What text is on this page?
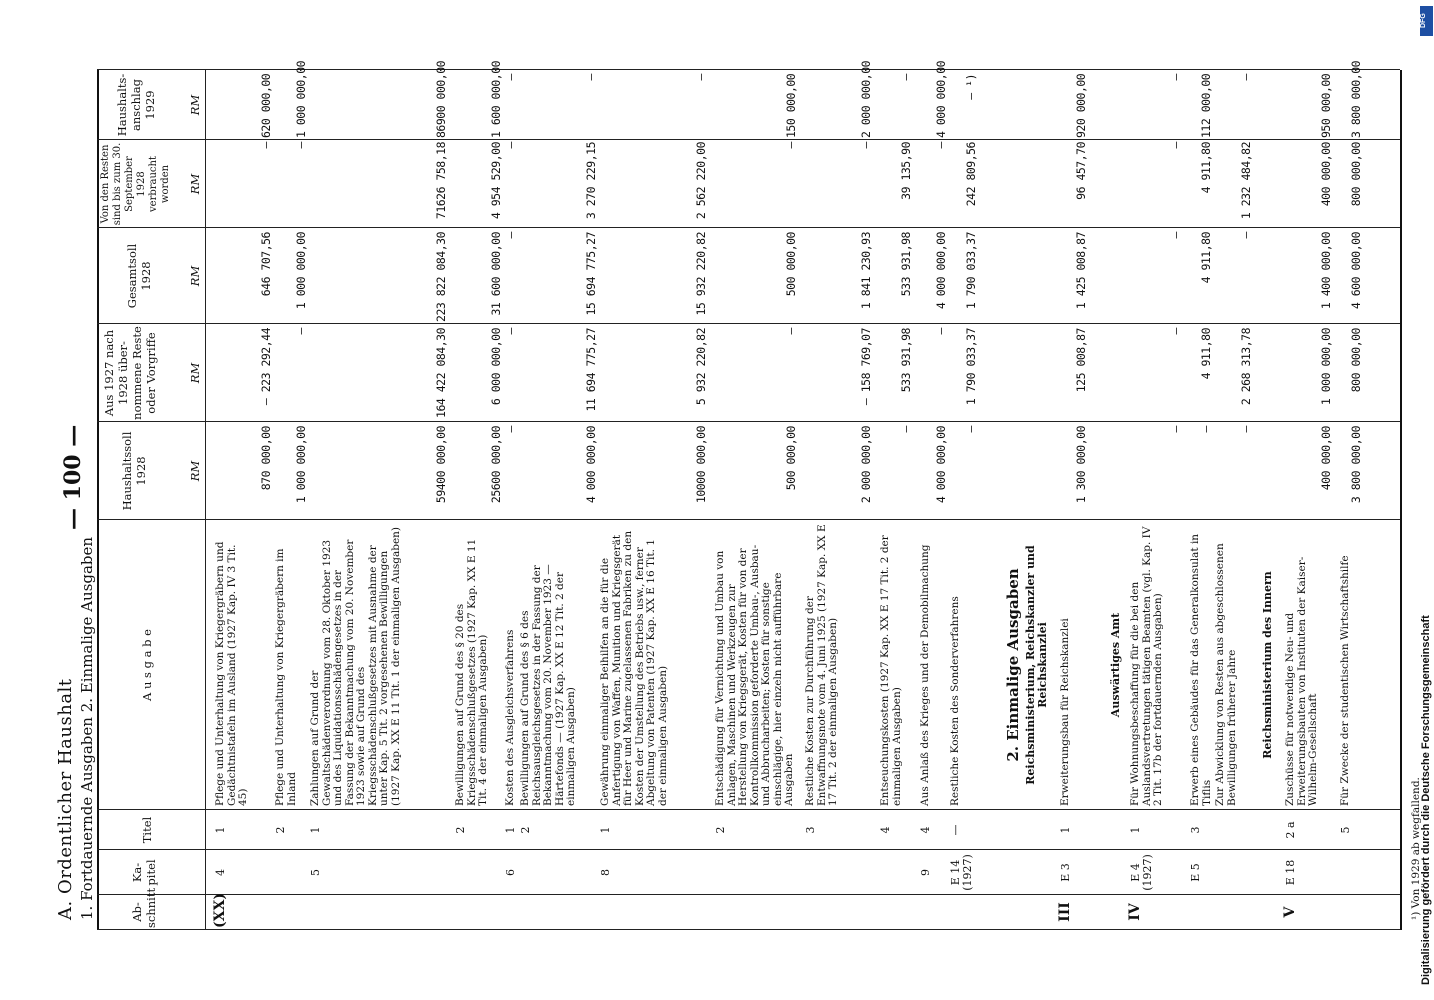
A. Ordentlicher Haushalt 1. Fortdauernde Ausgaben 2. Einmalige Ausgaben
— 100 —
Ab-schnitt
Ka-pitel
Titel
A u s g a b e
Haushaltssoll 1928
Aus 1927 nach 1928 über-nommene Reste oder Vorgriffe
Gesamtsoll 1928
Von den Resten sind bis zum 30. September 1928 verbraucht worden
Haushalts-anschlag 1929
RM
RM
RM
RM
RM
(XX)
4
1
Pflege und Unterhaltung von Kriegergräbern und Gedächtnistafeln im Ausland (1927 Kap. IV 3 Tit. 45)
870 000,00
— 223 292,44
646 707,56
—
620 000,00
2
Pflege und Unterhaltung von Kriegergräbern im Inland
1 000 000,00
—
1 000 000,00
—
1 000 000,00
5
1
Zahlungen auf Grund der Gewaltschädenverordnung vom 28. Oktober 1923 und des Liquidationsschädengesetzes in der Fassung der Bekanntmachung vom 20. November 1923 sowie auf Grund des Kriegsschädenschlußgesetzes mit Ausnahme der unter Kap. 5 Tit. 2 vorgesehenen Bewilligungen (1927 Kap. XX E 11 Tit. 1 der einmaligen Ausgaben)
59400 000,00
164 422 084,30
223 822 084,30
71626 758,18
86900 000,00
2
Bewilligungen auf Grund des § 20 des Kriegsschädenschlußgesetzes (1927 Kap. XX E 11 Tit. 4 der einmaligen Ausgaben)
25600 000,00
6 000 000,00
31 600 000,00
4 954 529,00
1 600 000,00
6
1
Kosten des Ausgleichsverfahrens
—
—
—
—
—
2
Bewilligungen auf Grund des § 6 des Reichsausgleichsgesetzes in der Fassung der Bekanntmachung vom 20. November 1923 — Härtefonds — (1927 Kap. XX E 12 Tit. 2 der einmaligen Ausgaben)
4 000 000,00
11 694 775,27
15 694 775,27
3 270 229,15
—
8
1
Gewährung einmaliger Beihilfen an die für die Anfertigung von Waffen, Munition und Kriegsgerät für Heer und Marine zugelassenen Fabriken zu den Kosten der Umstellung des Betriebs usw., ferner Abgeltung von Patenten (1927 Kap. XX E 16 Tit. 1 der einmaligen Ausgaben)
10000 000,00
5 932 220,82
15 932 220,82
2 562 220,00
—
2
Entschädigung für Vernichtung und Umbau von Anlagen, Maschinen und Werkzeugen zur Herstellung von Kriegsgerät, Kosten für von der Kontrollkommission geforderte Umbau-, Ausbau- und Abbrucharbeiten; Kosten für sonstige einschlägige, hier einzeln nicht aufführbare Ausgaben
500 000,00
—
500 000,00
—
150 000,00
3
Restliche Kosten zur Durchführung der Entwaffnungsnote vom 4. Juni 1925 (1927 Kap. XX E 17 Tit. 2 der einmaligen Ausgaben)
2 000 000,00
— 158 769,07
1 841 230,93
—
2 000 000,00
4
Entseuchungskosten (1927 Kap. XX E 17 Tit. 2 der einmaligen Ausgaben)
—
533 931,98
533 931,98
39 135,90
—
9
4
Aus Anlaß des Krieges und der Demobilmachung
4 000 000,00
—
4 000 000,00
—
4 000 000,00
E 14 (1927)
—
Restliche Kosten des Sonderverfahrens
—
1 790 033,37
1 790 033,37
242 809,56
— ¹)
III
E 3
1
Erweiterungsbau für Reichskanzlei
1 300 000,00
125 008,87
1 425 008,87
96 457,70
920 000,00
IV
E 4 (1927)
1
Für Wohnungsbeschaffung für die bei den Auslandsvertretungen tätigen Beamten (vgl. Kap. IV 2 Tit. 17b der fortdauernden Ausgaben)
—
—
—
—
—
E 5
3
Erwerb eines Gebäudes für das Generalkonsulat in Tiflis
—
4 911,80
4 911,80
4 911,80
112 000,00
Zur Abwicklung von Resten aus abgeschlossenen Bewilligungen früherer Jahre
—
2 268 313,78
—
1 232 484,82
—
V
E 18
2 a
Zuschüsse für notwendige Neu- und Erweiterungsbauten von Instituten der Kaiser-Wilhelm-Gesellschaft
400 000,00
1 000 000,00
1 400 000,00
400 000,00
950 000,00
5
Für Zwecke der studentischen Wirtschaftshilfe
3 800 000,00
800 000,00
4 600 000,00
800 000,00
3 800 000,00
2. Einmalige Ausgaben Reichsministerium, Reichskanzler und Reichskanzlei	Auswärtiges Amt	Reichsministerium des Innern
¹) Von 1929 ab wegfallend.
DFG
Digitalisierung gefördert durch die Deutsche Forschungsgemeinschaft
